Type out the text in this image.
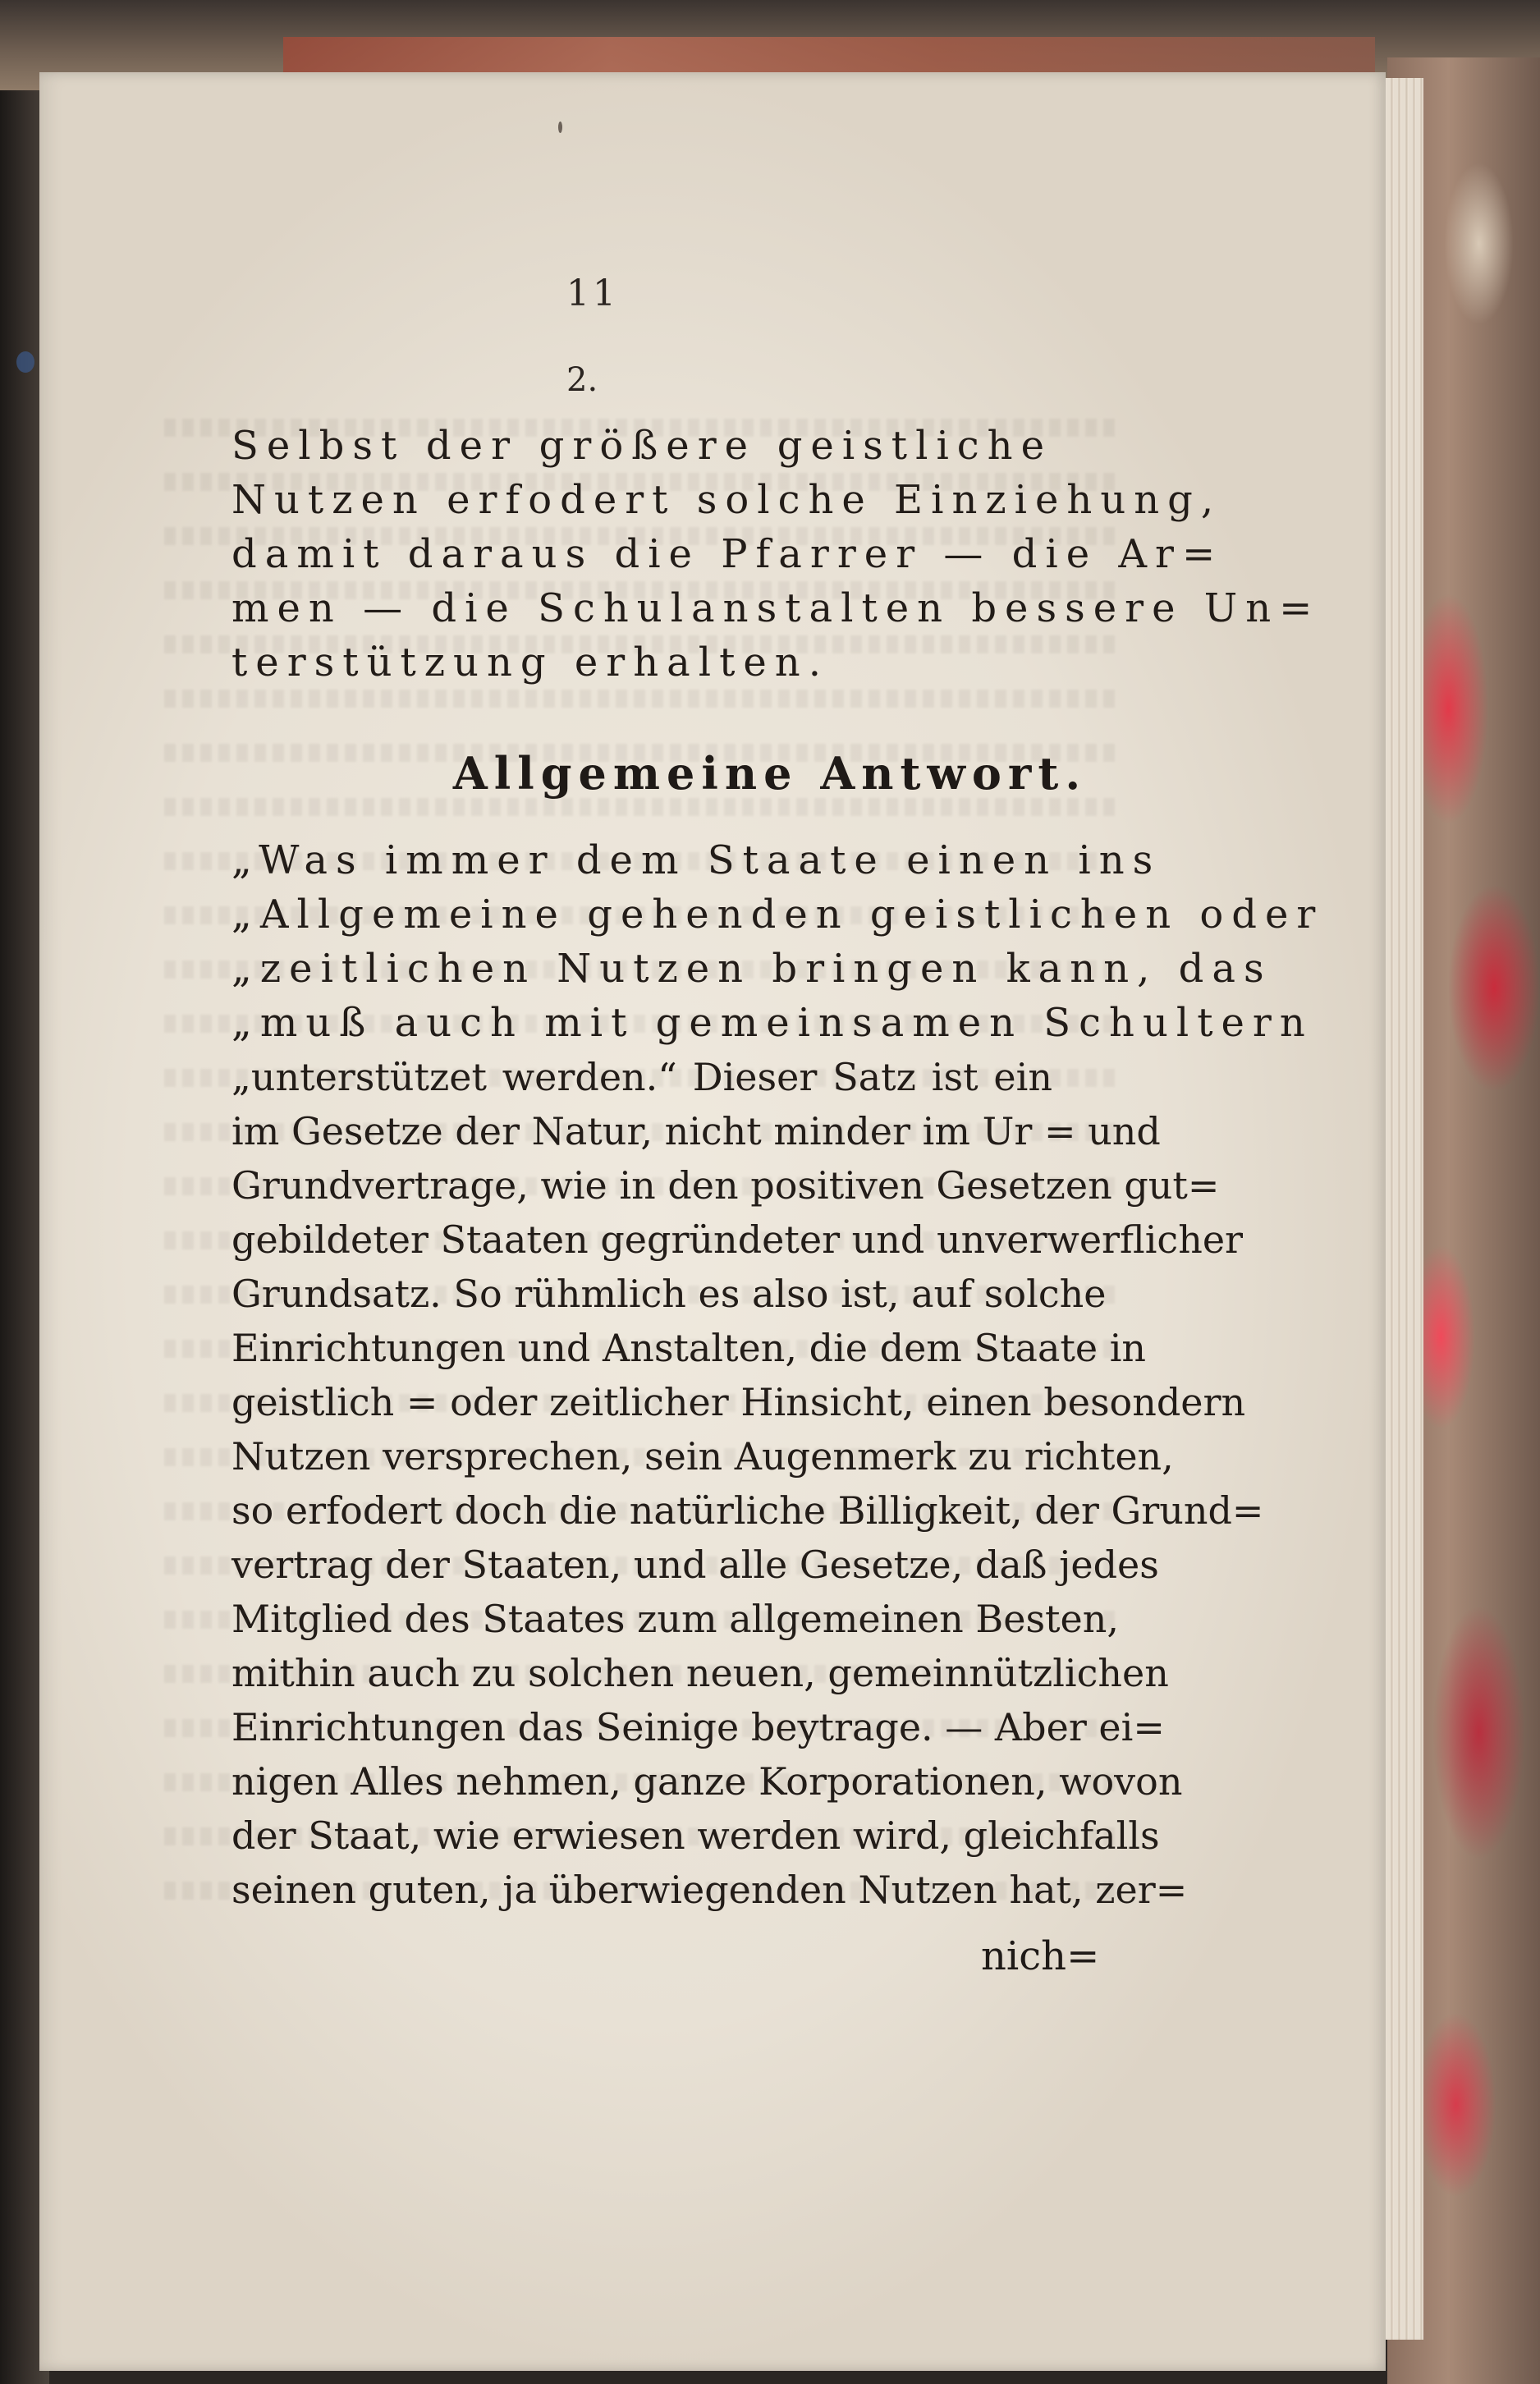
11
2.
Selbst der größere geistliche
Nutzen erfodert solche Einziehung,
damit daraus die Pfarrer — die Ar=
men — die Schulanstalten bessere Un=
terstützung erhalten.
Allgemeine Antwort.
„Was immer dem Staate einen ins
„Allgemeine gehenden geistlichen oder
„zeitlichen Nutzen bringen kann, das
„muß auch mit gemeinsamen Schultern
„unterstützet werden.“ Dieser Satz ist ein
im Gesetze der Natur, nicht minder im Ur = und
Grundvertrage, wie in den positiven Gesetzen gut=
gebildeter Staaten gegründeter und unverwerflicher
Grundsatz. So rühmlich es also ist, auf solche
Einrichtungen und Anstalten, die dem Staate in
geistlich = oder zeitlicher Hinsicht, einen besondern
Nutzen versprechen, sein Augenmerk zu richten,
so erfodert doch die natürliche Billigkeit, der Grund=
vertrag der Staaten, und alle Gesetze, daß jedes
Mitglied des Staates zum allgemeinen Besten,
mithin auch zu solchen neuen, gemeinnützlichen
Einrichtungen das Seinige beytrage. — Aber ei=
nigen Alles nehmen, ganze Korporationen, wovon
der Staat, wie erwiesen werden wird, gleichfalls
seinen guten, ja überwiegenden Nutzen hat, zer=
nich=
